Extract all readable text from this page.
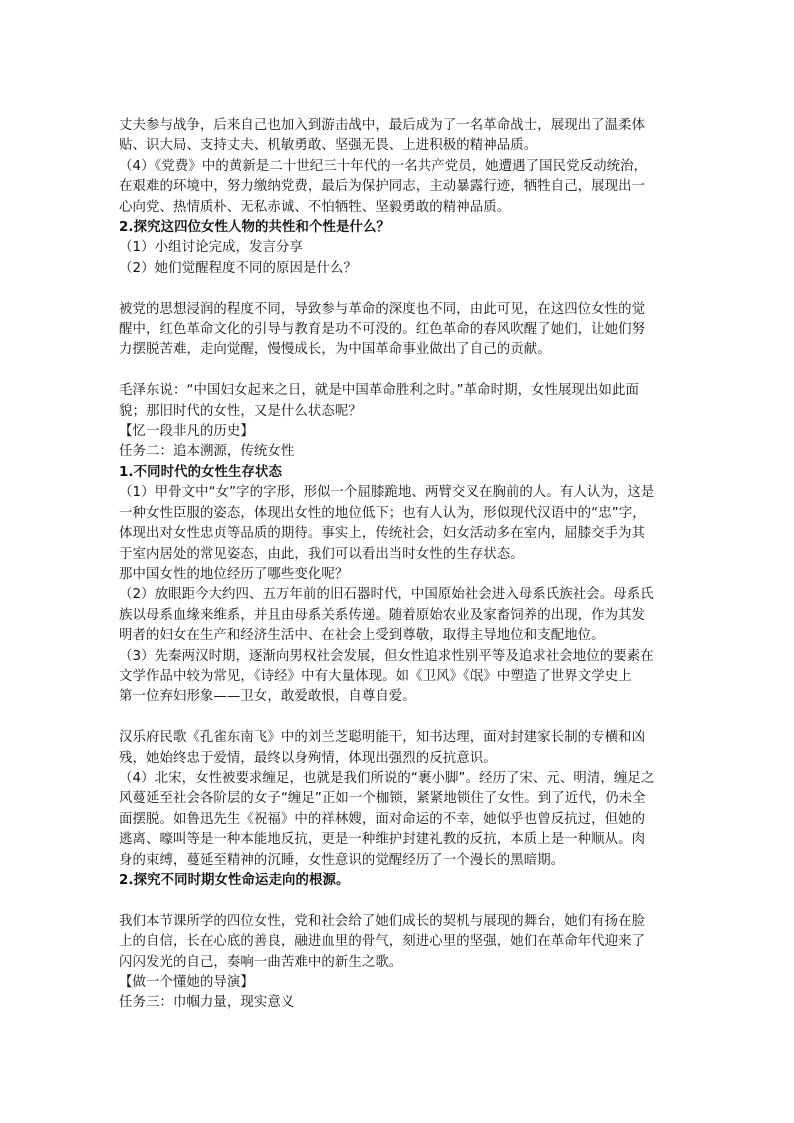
丈夫参与战争，后来自己也加入到游击战中，最后成为了一名革命战士，展现出了温柔体

贴、识大局、支持丈夫、机敏勇敢、坚强无畏、上进积极的精神品质。

（4）《党费》中的黄新是二十世纪三十年代的一名共产党员，她遭遇了国民党反动统治，

在艰难的环境中，努力缴纳党费，最后为保护同志，主动暴露行迹，牺牲自己，展现出一

心向党、热情质朴、无私赤诚、不怕牺牲、坚毅勇敢的精神品质。

2.探究这四位女性人物的共性和个性是什么？

（1）小组讨论完成，发言分享

（2）她们觉醒程度不同的原因是什么？

被党的思想浸润的程度不同，导致参与革命的深度也不同，由此可见，在这四位女性的觉

醒中，红色革命文化的引导与教育是功不可没的。红色革命的春风吹醒了她们，让她们努

力摆脱苦难，走向觉醒，慢慢成长，为中国革命事业做出了自己的贡献。

毛泽东说：“中国妇女起来之日，就是中国革命胜利之时。”革命时期，女性展现出如此面

貌；那旧时代的女性，又是什么状态呢？

【忆一段非凡的历史】

任务二：追本溯源，传统女性

1.不同时代的女性生存状态

（1）甲骨文中“女”字的字形，形似一个屈膝跪地、两臂交叉在胸前的人。有人认为，这是

一种女性臣服的姿态，体现出女性的地位低下；也有人认为，形似现代汉语中的“忠”字，

体现出对女性忠贞等品质的期待。事实上，传统社会，妇女活动多在室内，屈膝交手为其

于室内居处的常见姿态，由此，我们可以看出当时女性的生存状态。

那中国女性的地位经历了哪些变化呢？

（2）放眼距今大约四、五万年前的旧石器时代，中国原始社会进入母系氏族社会。母系氏

族以母系血缘来维系，并且由母系关系传递。随着原始农业及家畜饲养的出现，作为其发

明者的妇女在生产和经济生活中、在社会上受到尊敬，取得主导地位和支配地位。

（3）先秦两汉时期，逐渐向男权社会发展，但女性追求性别平等及追求社会地位的要素在

文学作品中较为常见，《诗经》中有大量体现。如《卫风》《氓》中塑造了世界文学史上

第一位弃妇形象——卫女，敢爱敢恨，自尊自爱。

汉乐府民歌《孔雀东南飞》中的刘兰芝聪明能干，知书达理，面对封建家长制的专横和凶

残，她始终忠于爱情，最终以身殉情，体现出强烈的反抗意识。

（4）北宋，女性被要求缠足，也就是我们所说的“裹小脚”。经历了宋、元、明清，缠足之

风蔓延至社会各阶层的女子“缠足”正如一个枷锁，紧紧地锁住了女性。到了近代，仍未全

面摆脱。如鲁迅先生《祝福》中的祥林嫂，面对命运的不幸，她似乎也曾反抗过，但她的

逃离、嚎叫等是一种本能地反抗，更是一种维护封建礼教的反抗，本质上是一种顺从。肉

身的束缚，蔓延至精神的沉睡，女性意识的觉醒经历了一个漫长的黑暗期。

2.探究不同时期女性命运走向的根源。

我们本节课所学的四位女性，党和社会给了她们成长的契机与展现的舞台，她们有扬在脸

上的自信，长在心底的善良，融进血里的骨气，刻进心里的坚强，她们在革命年代迎来了

闪闪发光的自己，奏响一曲苦难中的新生之歌。

【做一个懂她的导演】

任务三：巾帼力量，现实意义
